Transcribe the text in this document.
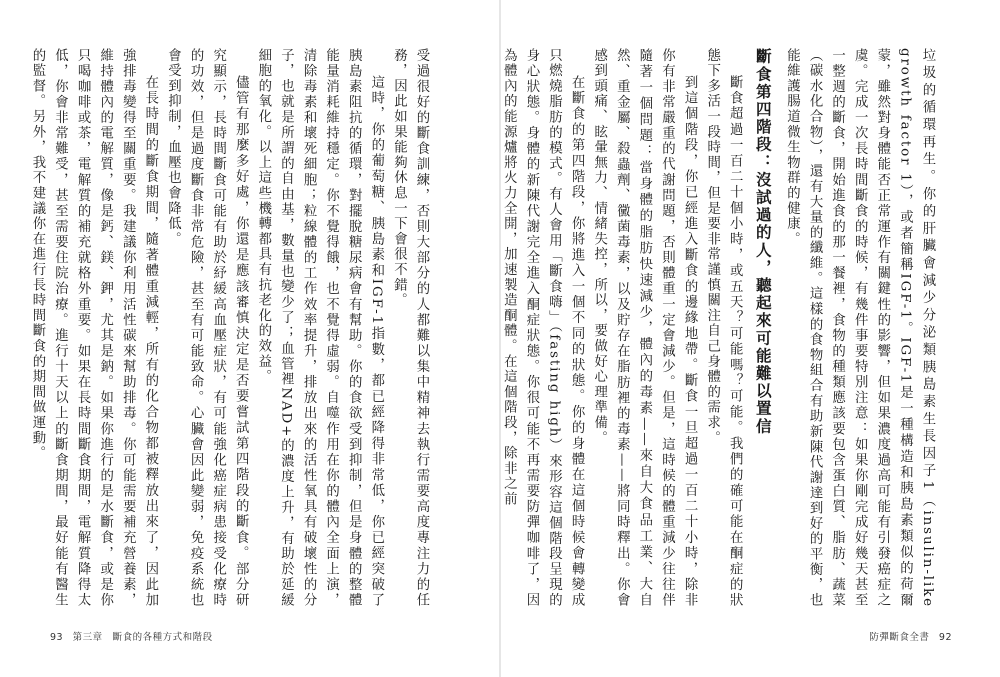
受過很好的斷食訓練，否則大部分的人都難以集中精神去執行需要高度專注力的任務，因此如果能夠休息一下會很不錯。

這時，你的葡萄糖、胰島素和IGF-1指數，都已經降得非常低，你已經突破了胰島素阻抗的循環，對擺脫糖尿病會有幫助。你的食欲受到抑制，但是身體的整體能量消耗維持穩定。你不覺得餓，也不覺得虛弱。自噬作用在你的體內全面上演，清除毒素和壞死細胞；粒線體的工作效率提升，排放出來的活性氧具有破壞性的分子，也就是所謂的自由基，數量也變少了；血管裡NAD+的濃度上升，有助於延緩細胞的氧化。以上這些機轉都具有抗老化的效益。

儘管有那麼多好處，你還是應該審慎決定是否要嘗試第四階段的斷食。部分研究顯示，長時間斷食可能有助於紓緩高血壓症狀，有可能強化癌症病患接受化療時的功效，但是過度斷食非常危險，甚至有可能致命。心臟會因此變弱，免疫系統也會受到抑制，血壓也會降低。

在長時間的斷食期間，隨著體重減輕，所有的化合物都被釋放出來了，因此加強排毒變得至關重要。我建議你利用活性碳來幫助排毒。你可能需要補充營養素，維持體內的電解質，像是鈣、鎂、鉀，尤其是鈉。如果你進行的是水斷食，或是你只喝咖啡或茶，電解質的補充就格外重要。如果在長時間斷食期間，電解質降得太低，你會非常難受，甚至需要住院治療。進行十天以上的斷食期間，最好能有醫生的監督。另外，我不建議你在進行長時間斷食的期間做運動。

93 第三章　斷食的各種方式和階段

垃圾的循環再生。你的肝臟會減少分泌類胰島素生長因子1（insulin-like growth factor 1），或者簡稱IGF-1。IGF-1是一種構造和胰島素類似的荷爾蒙，雖然對身體能否正常運作有關鍵性的影響，但如果濃度過高可能有引發癌症之虞。完成一次長時間斷食的時候，有幾件事要特別注意：如果你剛完成好幾天甚至一整週的斷食，開始進食的那一餐裡，食物的種類應該要包含蛋白質、脂肪、蔬菜（碳水化合物），還有大量的纖維。這樣的食物組合有助新陳代謝達到好的平衡，也能維護腸道微生物群的健康。

斷食第四階段：沒試過的人，聽起來可能難以置信

斷食超過一百二十個小時，或五天？可能嗎？可能。我們的確可能在酮症的狀態下多活一段時間，但是要非常謹慎關注自己身體的需求。

到這個階段，你已經進入斷食的邊緣地帶。斷食一旦超過一百二十小時，除非你有非常嚴重的代謝問題，否則體重一定會減少。但是，這時候的體重減少往往伴隨著一個問題：當身體的脂肪快速減少，體內的毒素——來自大食品工業、大自然、重金屬、殺蟲劑、黴菌毒素，以及貯存在脂肪裡的毒素——將同時釋出。你會感到頭痛、眩暈無力、情緒失控，所以，要做好心理準備。

在斷食的第四階段，你將進入一個不同的狀態。你的身體在這個時候會轉變成只燃燒脂肪的模式。有人會用「斷食嗨」（fasting high）來形容這個階段呈現的身心狀態。身體的新陳代謝完全進入酮症狀態。你很可能不再需要防彈咖啡了，因為體內的能源爐將火力全開，加速製造酮體。在這個階段，除非之前

防彈斷食全書 92
